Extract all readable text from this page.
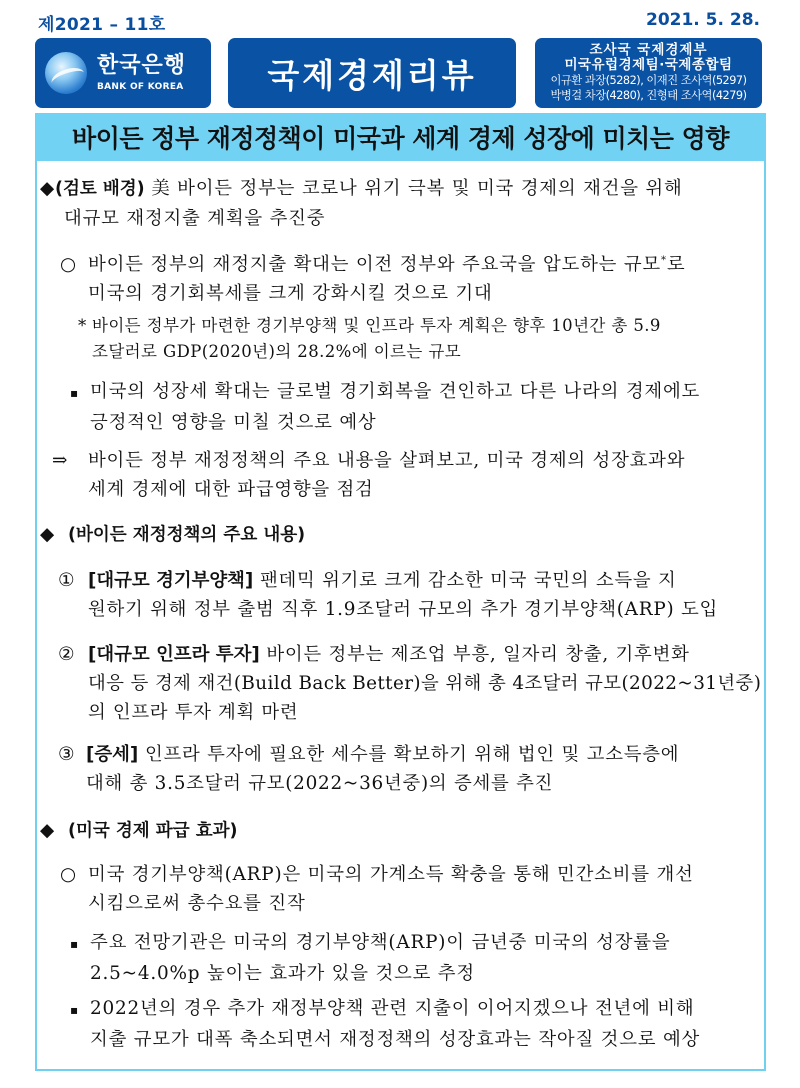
제2021 – 11호	2021. 5. 28.
한국은행
BANK OF KOREA	국제경제리뷰
조사국 국제경제부
미국유럽경제팀·국제종합팀
이규환 과장(5282), 이재진 조사역(5297)
박병걸 차장(4280), 진형태 조사역(4279)
바이든 정부 재정정책이 미국과 세계 경제 성장에 미치는 영향
◆(검토 배경) 美 바이든 정부는 코로나 위기 극복 및 미국 경제의 재건을 위해
대규모 재정지출 계획을 추진중
○ 바이든 정부의 재정지출 확대는 이전 정부와 주요국을 압도하는 규모*로
미국의 경기회복세를 크게 강화시킬 것으로 기대
* 바이든 정부가 마련한 경기부양책 및 인프라 투자 계획은 향후 10년간 총 5.9
조달러로 GDP(2020년)의 28.2%에 이르는 규모
▪ 미국의 성장세 확대는 글로벌 경기회복을 견인하고 다른 나라의 경제에도
긍정적인 영향을 미칠 것으로 예상
⇒ 바이든 정부 재정정책의 주요 내용을 살펴보고, 미국 경제의 성장효과와
세계 경제에 대한 파급영향을 점검
◆ (바이든 재정정책의 주요 내용)
① [대규모 경기부양책] 팬데믹 위기로 크게 감소한 미국 국민의 소득을 지
원하기 위해 정부 출범 직후 1.9조달러 규모의 추가 경기부양책(ARP) 도입
② [대규모 인프라 투자] 바이든 정부는 제조업 부흥, 일자리 창출, 기후변화
대응 등 경제 재건(Build Back Better)을 위해 총 4조달러 규모(2022~31년중)
의 인프라 투자 계획 마련
③ [증세] 인프라 투자에 필요한 세수를 확보하기 위해 법인 및 고소득층에
대해 총 3.5조달러 규모(2022~36년중)의 증세를 추진
◆ (미국 경제 파급 효과)
○ 미국 경기부양책(ARP)은 미국의 가계소득 확충을 통해 민간소비를 개선
시킴으로써 총수요를 진작
▪ 주요 전망기관은 미국의 경기부양책(ARP)이 금년중 미국의 성장률을
2.5~4.0%p 높이는 효과가 있을 것으로 추정
▪ 2022년의 경우 추가 재정부양책 관련 지출이 이어지겠으나 전년에 비해
지출 규모가 대폭 축소되면서 재정정책의 성장효과는 작아질 것으로 예상
